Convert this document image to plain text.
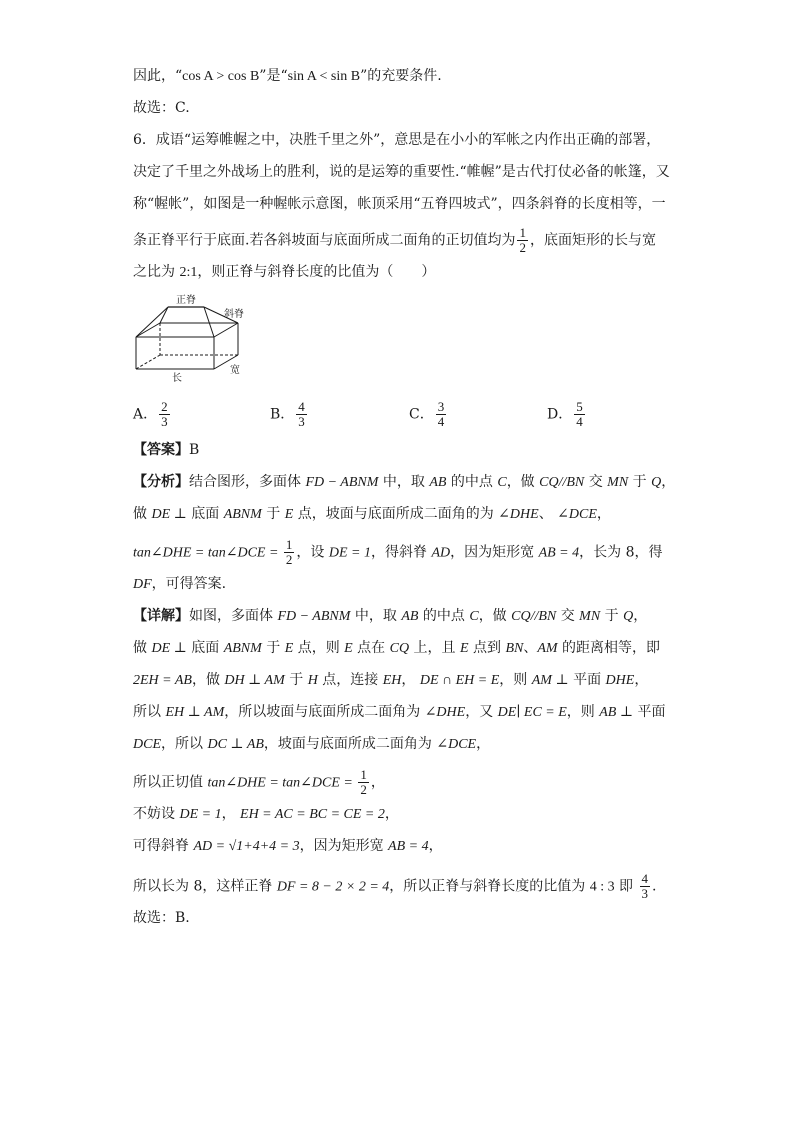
因此，“cos A > cos B”是“sin A < sin B”的充要条件.
故选：C.
6．成语“运筹帷幄之中，决胜千里之外”，意思是在小小的军帐之内作出正确的部署，
决定了千里之外战场上的胜利，说的是运筹的重要性.“帷幄”是古代打仗必备的帐篷，又
称“幄帐”，如图是一种幄帐示意图，帐顶采用“五脊四坡式”，四条斜脊的长度相等，一
条正脊平行于底面.若各斜坡面与底面所成二面角的正切值均为 $\frac{1}{2}$ ，底面矩形的长与宽
之比为 2:1，则正脊与斜脊长度的比值为（　　）
正脊
斜脊
长
宽
A． $\frac{2}{3}$	B． $\frac{4}{3}$	C． $\frac{3}{4}$	D． $\frac{5}{4}$
【答案】B
【分析】结合图形，多面体 FD − ABNM 中，取 AB 的中点 C，做 CQ//BN 交 MN 于 Q，
做 DE ⊥ 底面 ABNM 于 E 点，坡面与底面所成二面角的为 ∠DHE、 ∠DCE，
tan∠DHE = tan∠DCE = $\frac{1}{2}$ ，设 DE = 1，得斜脊 AD，因为矩形宽 AB = 4，长为 8，得
DF，可得答案.
【详解】如图，多面体 FD − ABNM 中，取 AB 的中点 C，做 CQ//BN 交 MN 于 Q，
做 DE ⊥ 底面 ABNM 于 E 点，则 E 点在 CQ 上，且 E 点到 BN、AM 的距离相等，即
2EH = AB，做 DH ⊥ AM 于 H 点，连接 EH， DE ∩ EH = E，则 AM ⊥ 平面 DHE，
所以 EH ⊥ AM，所以坡面与底面所成二面角为 ∠DHE，又 DE∣ EC = E，则 AB ⊥ 平面
DCE，所以 DC ⊥ AB，坡面与底面所成二面角为 ∠DCE，
所以正切值 tan∠DHE = tan∠DCE = $\frac{1}{2}$ ，
不妨设 DE = 1， EH = AC = BC = CE = 2，
可得斜脊 AD = √1+4+4 = 3，因为矩形宽 AB = 4，
所以长为 8，这样正脊 DF = 8 − 2 × 2 = 4，所以正脊与斜脊长度的比值为 4 : 3 即 $\frac{4}{3}$ .
故选：B.
